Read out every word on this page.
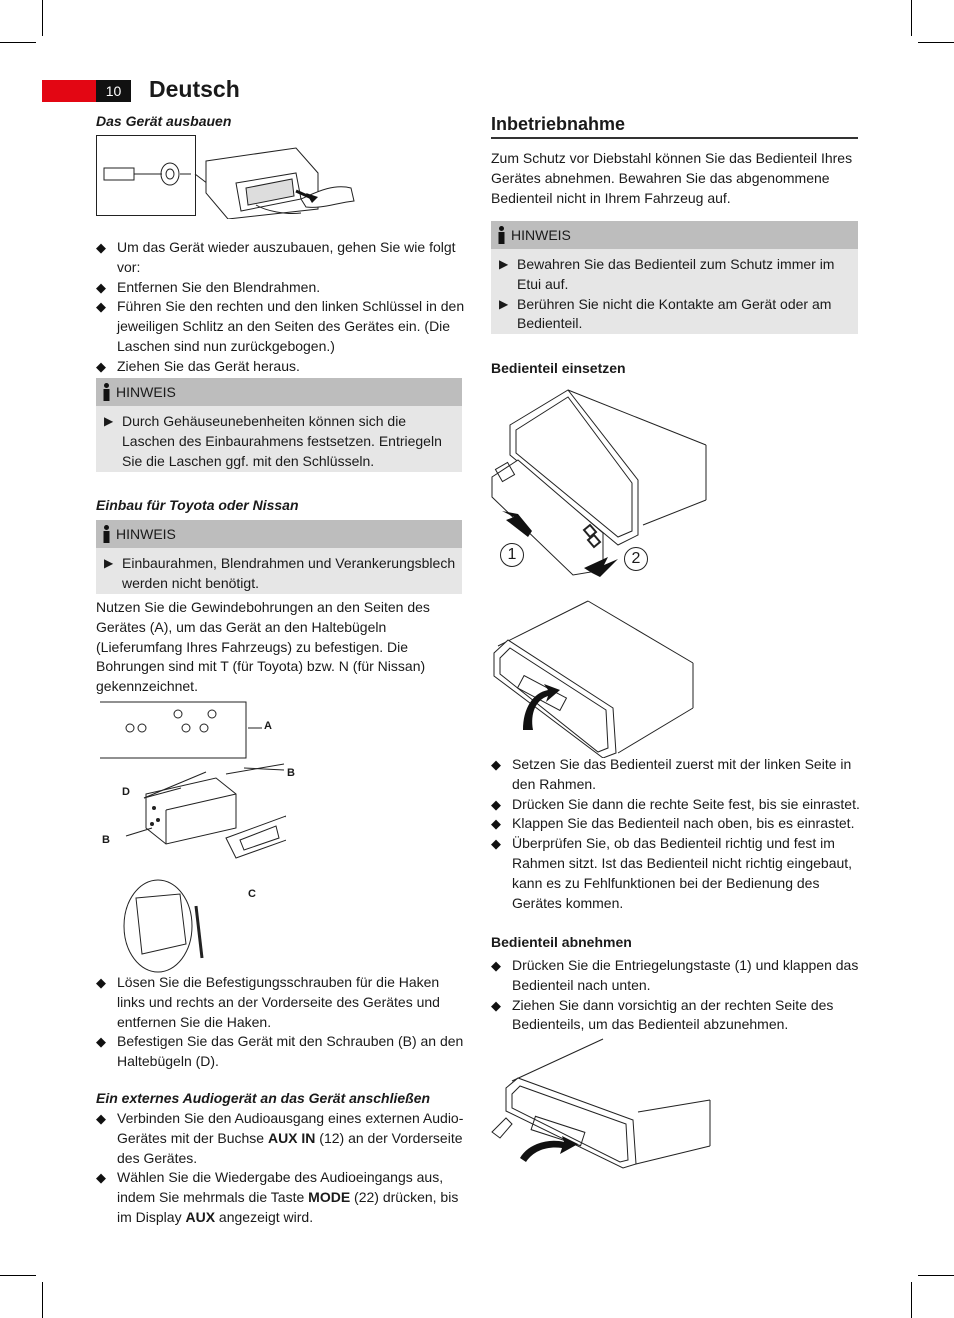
10	Deutsch
Das Gerät ausbauen
◆ Um das Gerät wieder auszubauen, gehen Sie wie folgt vor:
◆ Entfernen Sie den Blendrahmen.
◆ Führen Sie den rechten und den linken Schlüssel in den jeweiligen Schlitz an den Seiten des Gerätes ein. (Die Laschen sind nun zurückgebogen.)
◆ Ziehen Sie das Gerät heraus.
HINWEIS
▶ Durch Gehäuseunebenheiten können sich die Laschen des Einbaurahmens festsetzen. Entriegeln Sie die Laschen ggf. mit den Schlüsseln.
Einbau für Toyota oder Nissan
HINWEIS
▶ Einbaurahmen, Blendrahmen und Verankerungsblech werden nicht benötigt.
Nutzen Sie die Gewindebohrungen an den Seiten des Gerätes (A), um das Gerät an den Haltebügeln (Lieferumfang Ihres Fahrzeugs) zu befestigen. Die Bohrungen sind mit T (für Toyota) bzw. N (für Nissan) gekennzeichnet.
A
B
D
B
C
◆ Lösen Sie die Befestigungsschrauben für die Haken links und rechts an der Vorderseite des Gerätes und entfernen Sie die Haken.
◆ Befestigen Sie das Gerät mit den Schrauben (B) an den Haltebügeln (D).
Ein externes Audiogerät an das Gerät anschließen
◆ Verbinden Sie den Audioausgang eines externen Audio-Gerätes mit der Buchse AUX IN (12) an der Vorderseite des Gerätes.
◆ Wählen Sie die Wiedergabe des Audioeingangs aus, indem Sie mehrmals die Taste MODE (22) drücken, bis im Display AUX angezeigt wird.
Inbetriebnahme
Zum Schutz vor Diebstahl können Sie das Bedienteil Ihres Gerätes abnehmen. Bewahren Sie das abgenommene Bedienteil nicht in Ihrem Fahrzeug auf.
HINWEIS
▶ Bewahren Sie das Bedienteil zum Schutz immer im Etui auf.
▶ Berühren Sie nicht die Kontakte am Gerät oder am Bedienteil.
Bedienteil einsetzen
1	2
◆ Setzen Sie das Bedienteil zuerst mit der linken Seite in den Rahmen.
◆ Drücken Sie dann die rechte Seite fest, bis sie einrastet.
◆ Klappen Sie das Bedienteil nach oben, bis es einrastet.
◆ Überprüfen Sie, ob das Bedienteil richtig und fest im Rahmen sitzt. Ist das Bedienteil nicht richtig eingebaut, kann es zu Fehlfunktionen bei der Bedienung des Gerätes kommen.
Bedienteil abnehmen
◆ Drücken Sie die Entriegelungstaste (1) und klappen das Bedienteil nach unten.
◆ Ziehen Sie dann vorsichtig an der rechten Seite des Bedienteils, um das Bedienteil abzunehmen.
